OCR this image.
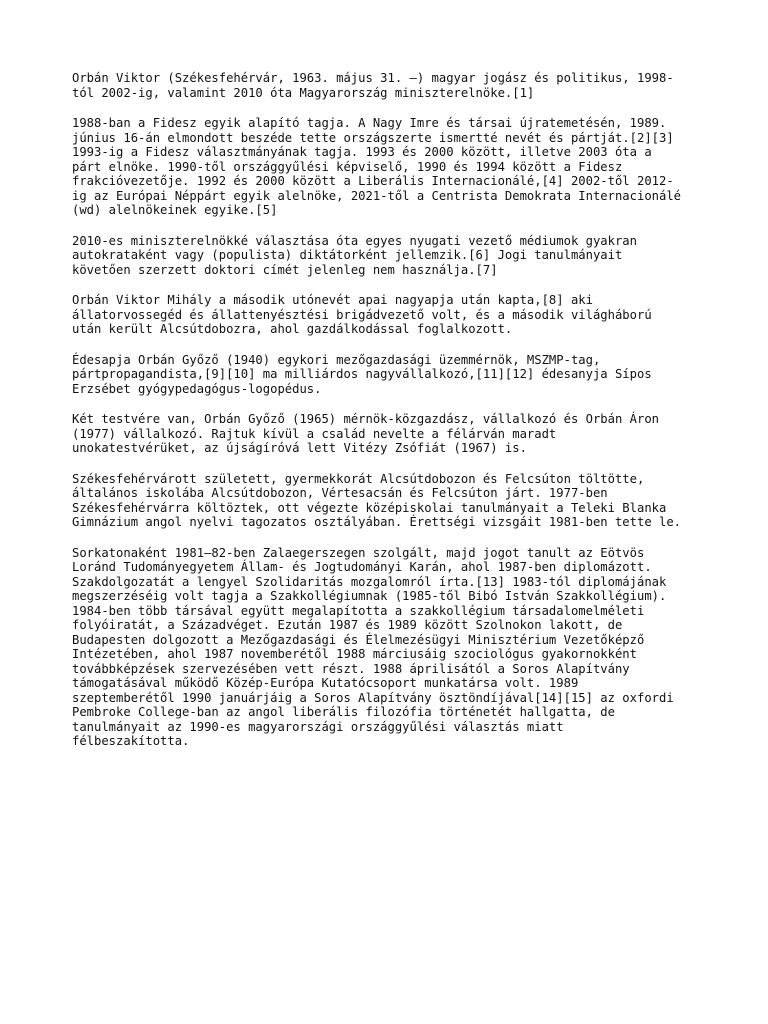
Orbán Viktor (Székesfehérvár, 1963. május 31. –) magyar jogász és politikus, 1998-
tól 2002-ig, valamint 2010 óta Magyarország miniszterelnöke.[1]

1988-ban a Fidesz egyik alapító tagja. A Nagy Imre és társai újratemetésén, 1989.
június 16-án elmondott beszéde tette országszerte ismertté nevét és pártját.[2][3]
1993-ig a Fidesz választmányának tagja. 1993 és 2000 között, illetve 2003 óta a
párt elnöke. 1990-től országgyűlési képviselő, 1990 és 1994 között a Fidesz
frakcióvezetője. 1992 és 2000 között a Liberális Internacionálé,[4] 2002-től 2012-
ig az Európai Néppárt egyik alelnöke, 2021-től a Centrista Demokrata Internacionálé
(wd) alelnökeinek egyike.[5]

2010-es miniszterelnökké választása óta egyes nyugati vezető médiumok gyakran
autokrataként vagy (populista) diktátorként jellemzik.[6] Jogi tanulmányait
követően szerzett doktori címét jelenleg nem használja.[7]

Orbán Viktor Mihály a második utónevét apai nagyapja után kapta,[8] aki
állatorvossegéd és állattenyésztési brigádvezető volt, és a második világháború
után került Alcsútdobozra, ahol gazdálkodással foglalkozott.

Édesapja Orbán Győző (1940) egykori mezőgazdasági üzemmérnök, MSZMP-tag,
pártpropagandista,[9][10] ma milliárdos nagyvállalkozó,[11][12] édesanyja Sípos
Erzsébet gyógypedagógus-logopédus.

Két testvére van, Orbán Győző (1965) mérnök-közgazdász, vállalkozó és Orbán Áron
(1977) vállalkozó. Rajtuk kívül a család nevelte a félárván maradt
unokatestvérüket, az újságíróvá lett Vitézy Zsófiát (1967) is.

Székesfehérvárott született, gyermekkorát Alcsútdobozon és Felcsúton töltötte,
általános iskolába Alcsútdobozon, Vértesacsán és Felcsúton járt. 1977-ben
Székesfehérvárra költöztek, ott végezte középiskolai tanulmányait a Teleki Blanka
Gimnázium angol nyelvi tagozatos osztályában. Érettségi vizsgáit 1981-ben tette le.

Sorkatonaként 1981–82-ben Zalaegerszegen szolgált, majd jogot tanult az Eötvös
Loránd Tudományegyetem Állam- és Jogtudományi Karán, ahol 1987-ben diplomázott.
Szakdolgozatát a lengyel Szolidaritás mozgalomról írta.[13] 1983-tól diplomájának
megszerzéséig volt tagja a Szakkollégiumnak (1985-től Bibó István Szakkollégium).
1984-ben több társával együtt megalapította a szakkollégium társadalomelméleti
folyóiratát, a Századvéget. Ezután 1987 és 1989 között Szolnokon lakott, de
Budapesten dolgozott a Mezőgazdasági és Élelmezésügyi Minisztérium Vezetőképző
Intézetében, ahol 1987 novemberétől 1988 márciusáig szociológus gyakornokként
továbbképzések szervezésében vett részt. 1988 áprilisától a Soros Alapítvány
támogatásával működő Közép-Európa Kutatócsoport munkatársa volt. 1989
szeptemberétől 1990 januárjáig a Soros Alapítvány ösztöndíjával[14][15] az oxfordi
Pembroke College-ban az angol liberális filozófia történetét hallgatta, de
tanulmányait az 1990-es magyarországi országgyűlési választás miatt
félbeszakította.
